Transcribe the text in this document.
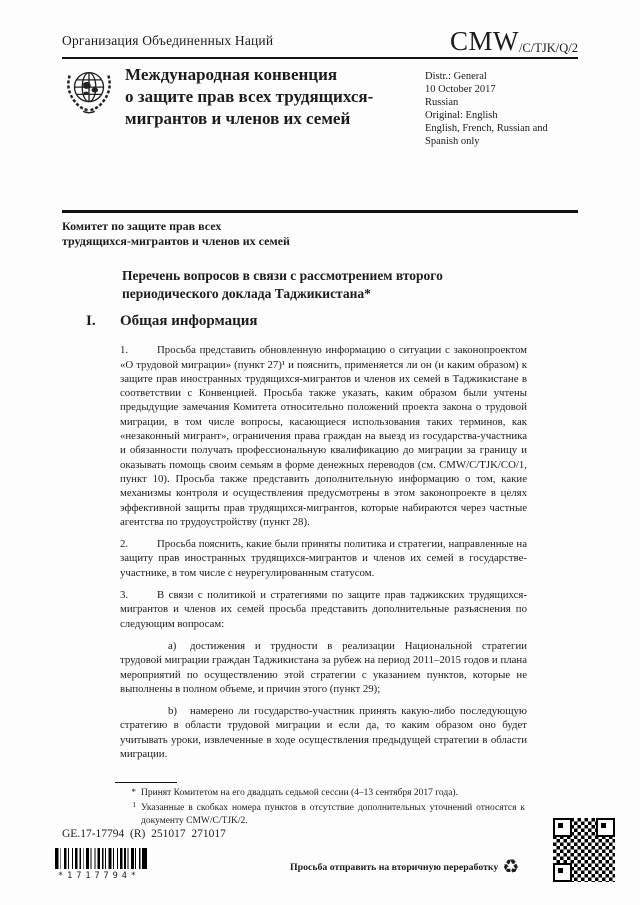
Организация Объединенных Наций	CMW /C/TJK/Q/2
Международная конвенция
о защите прав всех трудящихся-
мигрантов и членов их семей
Distr.: General
10 October 2017
Russian
Original: English
English, French, Russian and
Spanish only
Комитет по защите прав всех
трудящихся-мигрантов и членов их семей
Перечень вопросов в связи с рассмотрением второго
периодического доклада Таджикистана*
I. Общая информация

1.	Просьба представить обновленную информацию о ситуации с законопроектом «О трудовой миграции» (пункт 27)¹ и пояснить, применяется ли он (и каким образом) к защите прав иностранных трудящихся-мигрантов и членов их семей в Таджикистане в соответствии с Конвенцией. Просьба также указать, каким образом были учтены предыдущие замечания Комитета относительно положений проекта закона о трудовой миграции, в том числе вопросы, касающиеся использования таких терминов, как «незаконный мигрант», ограничения права граждан на выезд из государства-участника и обязанности получать профессиональную квалификацию до миграции за границу и оказывать помощь своим семьям в форме денежных переводов (см. CMW/C/TJK/CO/1, пункт 10). Просьба также представить дополнительную информацию о том, какие механизмы контроля и осуществления предусмотрены в этом законопроекте в целях эффективной защиты прав трудящихся-мигрантов, которые набираются через частные агентства по трудоустройству (пункт 28).

2.	Просьба пояснить, какие были приняты политика и стратегии, направленные на защиту прав иностранных трудящихся-мигрантов и членов их семей в государстве-участнике, в том числе с неурегулированным статусом.

3.	В связи с политикой и стратегиями по защите прав таджикских трудящихся-мигрантов и членов их семей просьба представить дополнительные разъяснения по следующим вопросам:

a) достижения и трудности в реализации Национальной стратегии трудовой миграции граждан Таджикистана за рубеж на период 2011–2015 годов и плана мероприятий по осуществлению этой стратегии с указанием пунктов, которые не выполнены в полном объеме, и причин этого (пункт 29);

b) намерено ли государство-участник принять какую-либо последующую стратегию в области трудовой миграции и если да, то каким образом оно будет учитывать уроки, извлеченные в ходе осуществления предыдущей стратегии в области миграции.

* Принят Комитетом на его двадцать седьмой сессии (4–13 сентября 2017 года).
1 Указанные в скобках номера пунктов в отсутствие дополнительных уточнений относятся к документу CMW/C/TJK/2.
GE.17-17794  (R)  251017  271017
*1717794*
Просьба отправить на вторичную переработку ♻
